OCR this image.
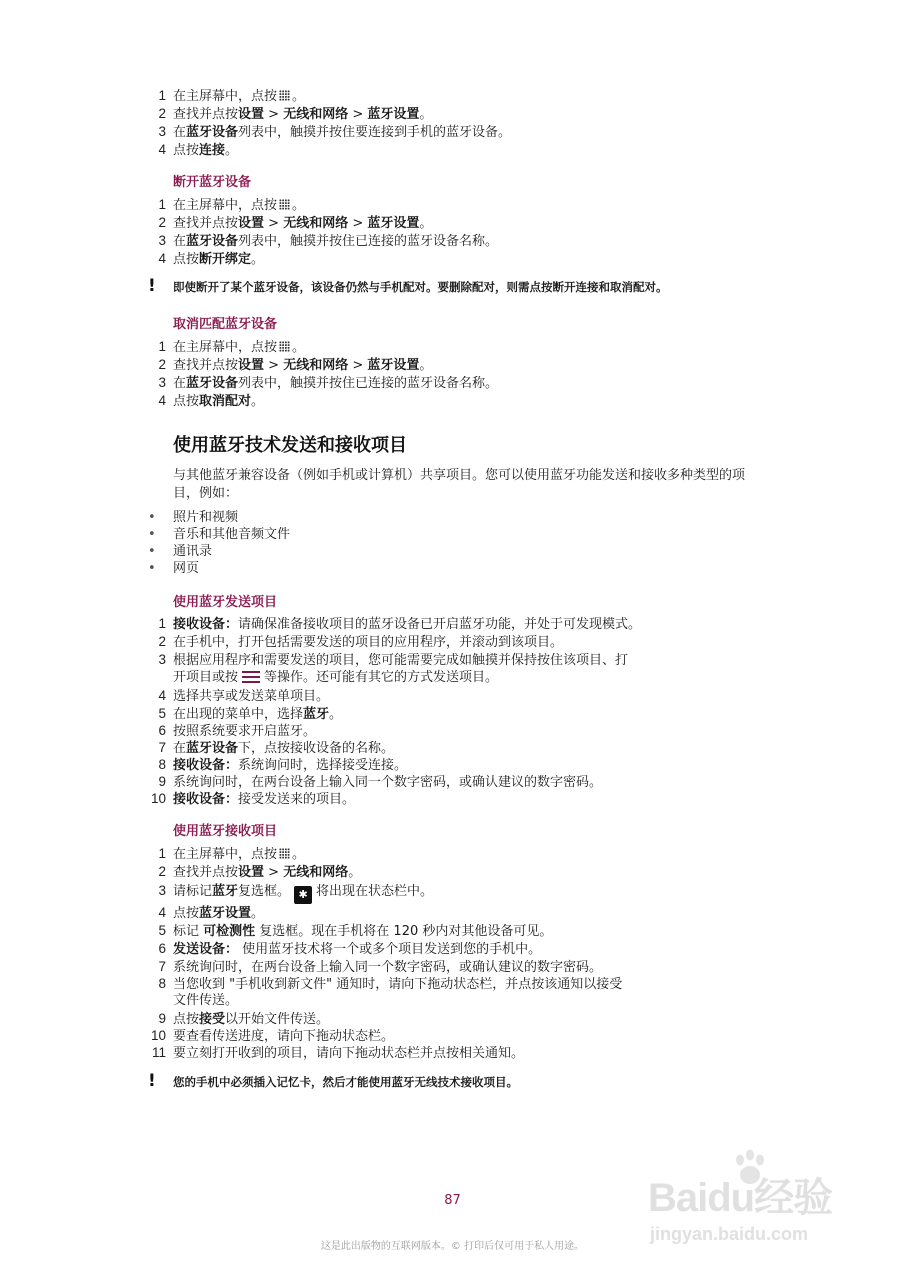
1 在主屏幕中，点按 。
2 查找并点按设置 > 无线和网络 > 蓝牙设置。
3 在蓝牙设备列表中，触摸并按住要连接到手机的蓝牙设备。
4 点按连接。
断开蓝牙设备
1 在主屏幕中，点按 。
2 查找并点按设置 > 无线和网络 > 蓝牙设置。
3 在蓝牙设备列表中，触摸并按住已连接的蓝牙设备名称。
4 点按断开绑定。
! 即使断开了某个蓝牙设备，该设备仍然与手机配对。要删除配对，则需点按断开连接和取消配对。
取消匹配蓝牙设备
1 在主屏幕中，点按 。
2 查找并点按设置 > 无线和网络 > 蓝牙设置。
3 在蓝牙设备列表中，触摸并按住已连接的蓝牙设备名称。
4 点按取消配对。
使用蓝牙技术发送和接收项目
与其他蓝牙兼容设备（例如手机或计算机）共享项目。您可以使用蓝牙功能发送和接收多种类型的项目，例如：
• 照片和视频
• 音乐和其他音频文件
• 通讯录
• 网页
使用蓝牙发送项目
1 接收设备：请确保准备接收项目的蓝牙设备已开启蓝牙功能，并处于可发现模式。
2 在手机中，打开包括需要发送的项目的应用程序，并滚动到该项目。
3 根据应用程序和需要发送的项目，您可能需要完成如触摸并保持按住该项目、打
开项目或按 等操作。还可能有其它的方式发送项目。
4 选择共享或发送菜单项目。
5 在出现的菜单中，选择蓝牙。
6 按照系统要求开启蓝牙。
7 在蓝牙设备下，点按接收设备的名称。
8 接收设备：系统询问时，选择接受连接。
9 系统询问时，在两台设备上输入同一个数字密码，或确认建议的数字密码。
10 接收设备：接受发送来的项目。
使用蓝牙接收项目
1 在主屏幕中，点按 。
2 查找并点按设置 > 无线和网络。
3 请标记蓝牙复选框。 ✱ 将出现在状态栏中。
4 点按蓝牙设置。
5 标记 可检测性 复选框。现在手机将在 120 秒内对其他设备可见。
6 发送设备： 使用蓝牙技术将一个或多个项目发送到您的手机中。
7 系统询问时，在两台设备上输入同一个数字密码，或确认建议的数字密码。
8 当您收到 "手机收到新文件" 通知时，请向下拖动状态栏，并点按该通知以接受
文件传送。
9 点按接受以开始文件传送。
10 要查看传送进度，请向下拖动状态栏。
11 要立刻打开收到的项目，请向下拖动状态栏并点按相关通知。
! 您的手机中必须插入记忆卡，然后才能使用蓝牙无线技术接收项目。
87
这是此出版物的互联网版本。© 打印后仅可用于私人用途。
Baidu经验
jingyan.baidu.com
